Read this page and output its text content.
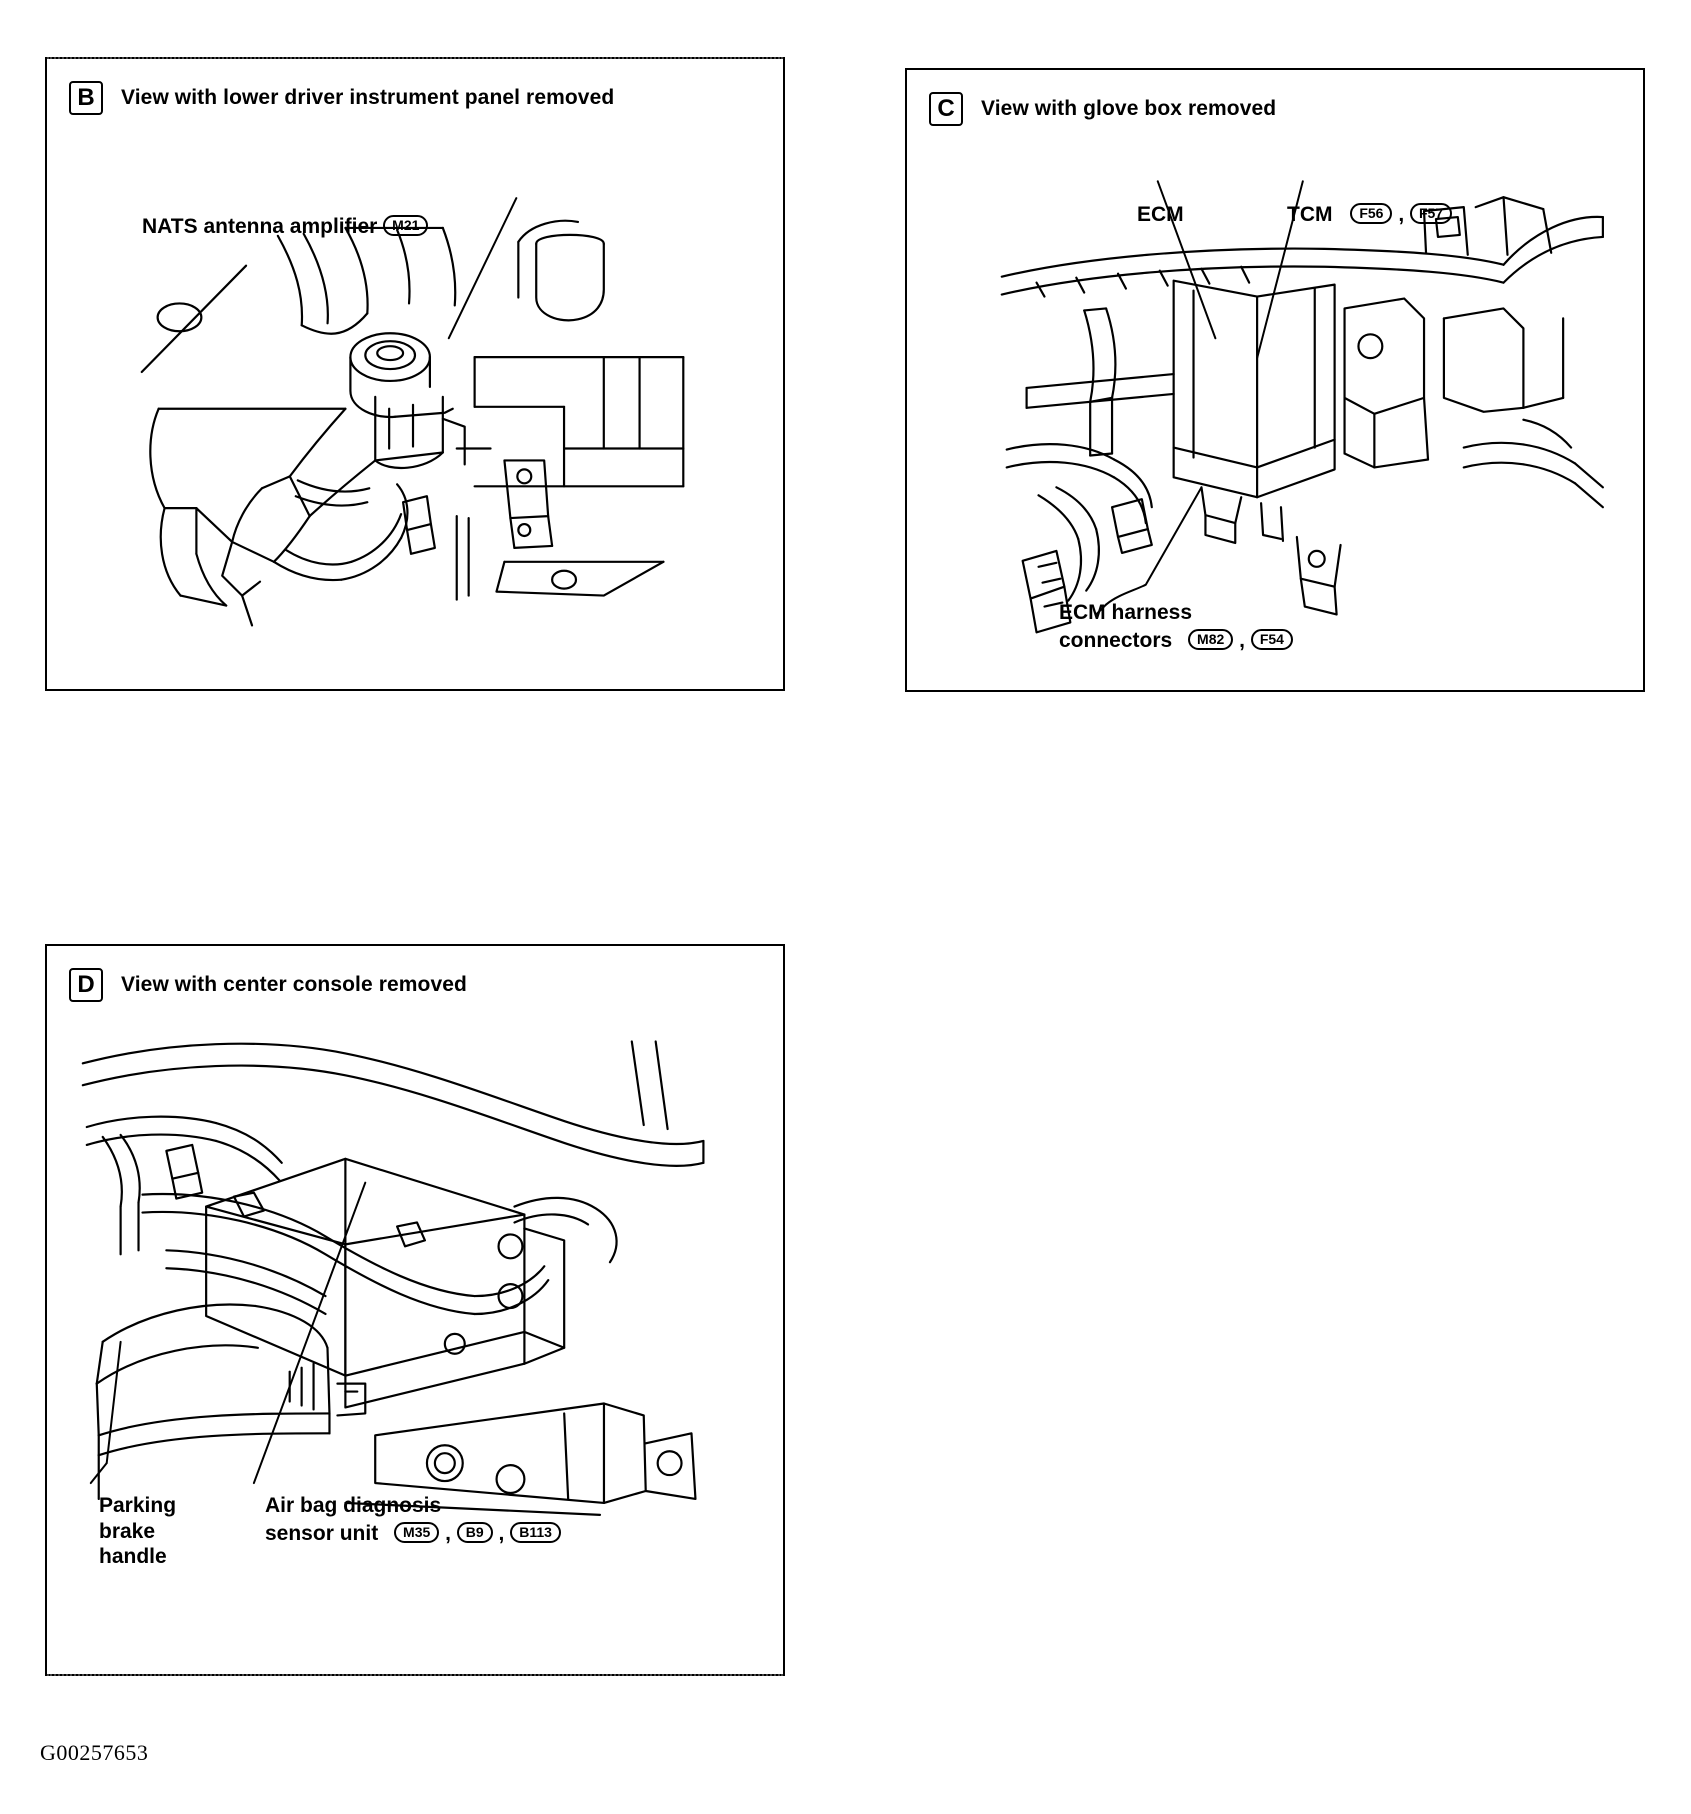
B	View with lower driver instrument panel removed
NATS antenna amplifier M21
C	View with glove box removed
ECM	TCM F56 , F57
ECM harness
connectors M82 , F54
D	View with center console removed
Parking
brake
handle
Air bag diagnosis
sensor unit M35 , B9 , B113
G00257653
